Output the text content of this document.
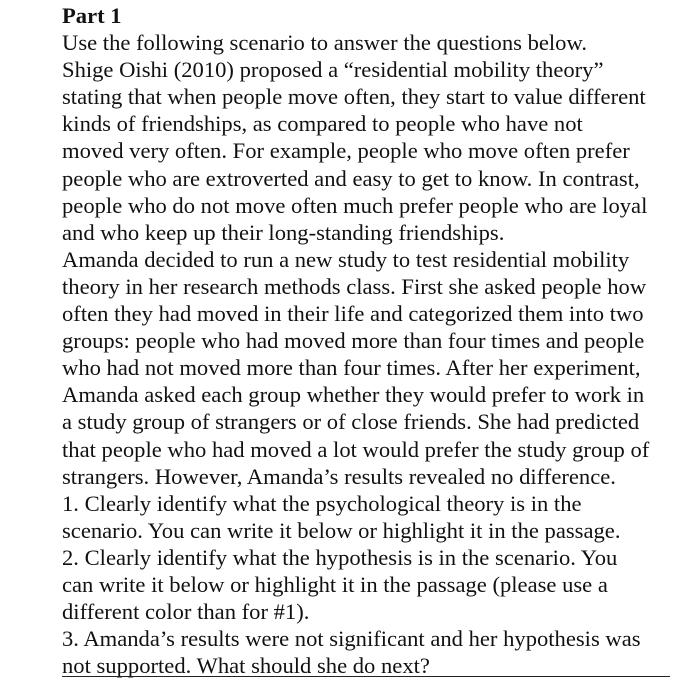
Part 1
Use the following scenario to answer the questions below.
Shige Oishi (2010) proposed a “residential mobility theory”
stating that when people move often, they start to value different
kinds of friendships, as compared to people who have not
moved very often. For example, people who move often prefer
people who are extroverted and easy to get to know. In contrast,
people who do not move often much prefer people who are loyal
and who keep up their long-standing friendships.
Amanda decided to run a new study to test residential mobility
theory in her research methods class. First she asked people how
often they had moved in their life and categorized them into two
groups: people who had moved more than four times and people
who had not moved more than four times. After her experiment,
Amanda asked each group whether they would prefer to work in
a study group of strangers or of close friends. She had predicted
that people who had moved a lot would prefer the study group of
strangers. However, Amanda’s results revealed no difference.
1. Clearly identify what the psychological theory is in the
scenario. You can write it below or highlight it in the passage.
2. Clearly identify what the hypothesis is in the scenario. You
can write it below or highlight it in the passage (please use a
different color than for #1).
3. Amanda’s results were not significant and her hypothesis was
not supported. What should she do next?
